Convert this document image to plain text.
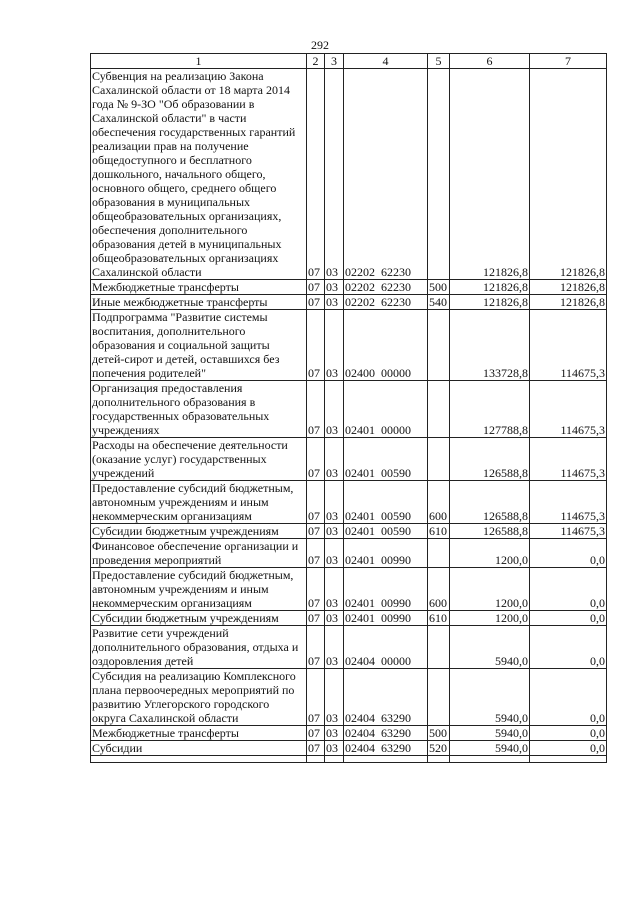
292
1	2	3	4	5	6	7
Субвенция на реализацию Закона Сахалинской области от 18 марта 2014 года № 9-ЗО "Об образовании в Сахалинской области" в части обеспечения государственных гарантий реализации прав на получение общедоступного и бесплатного дошкольного, начального общего, основного общего, среднего общего образования в муниципальных общеобразовательных организациях, обеспечения дополнительного образования детей в муниципальных общеобразовательных организациях Сахалинской области	07	03	02202  62230		121826,8	121826,8
Межбюджетные трансферты	07	03	02202  62230	500	121826,8	121826,8
Иные межбюджетные трансферты	07	03	02202  62230	540	121826,8	121826,8
Подпрограмма "Развитие системы воспитания, дополнительного образования и социальной защиты детей-сирот и детей, оставшихся без попечения родителей"	07	03	02400  00000		133728,8	114675,3
Организация предоставления дополнительного образования в государственных образовательных учреждениях	07	03	02401  00000		127788,8	114675,3
Расходы на обеспечение деятельности (оказание услуг) государственных учреждений	07	03	02401  00590		126588,8	114675,3
Предоставление субсидий бюджетным, автономным учреждениям и иным некоммерческим организациям	07	03	02401  00590	600	126588,8	114675,3
Субсидии бюджетным учреждениям	07	03	02401  00590	610	126588,8	114675,3
Финансовое обеспечение организации и проведения мероприятий	07	03	02401  00990		1200,0	0,0
Предоставление субсидий бюджетным, автономным учреждениям и иным некоммерческим организациям	07	03	02401  00990	600	1200,0	0,0
Субсидии бюджетным учреждениям	07	03	02401  00990	610	1200,0	0,0
Развитие сети учреждений дополнительного образования, отдыха и оздоровления детей	07	03	02404  00000		5940,0	0,0
Субсидия на реализацию Комплексного плана первоочередных мероприятий по развитию Углегорского городского округа Сахалинской области	07	03	02404  63290		5940,0	0,0
Межбюджетные трансферты	07	03	02404  63290	500	5940,0	0,0
Субсидии	07	03	02404  63290	520	5940,0	0,0
